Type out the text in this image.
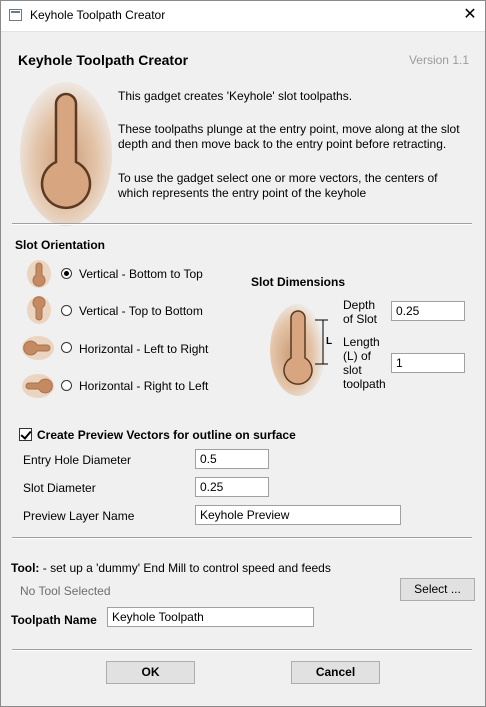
Keyhole Toolpath Creator	✕
Keyhole Toolpath Creator	Version 1.1
This gadget creates 'Keyhole' slot toolpaths.
These toolpaths plunge at the entry point, move along at the slot depth and then move back to the entry point before retracting.
To use the gadget select one or more vectors, the centers of which represents the entry point of the keyhole
Slot Orientation
Vertical - Bottom to Top
Vertical - Top to Bottom
Horizontal - Left to Right
Horizontal - Right to Left
Slot Dimensions
L
Depth
of Slot
0.25
Length
(L) of
slot
toolpath
1
Create Preview Vectors for outline on surface
Entry Hole Diameter	0.5
Slot Diameter	0.25
Preview Layer Name	Keyhole Preview
Tool: - set up a 'dummy' End Mill to control speed and feeds
No Tool Selected	Select ...
Toolpath Name	Keyhole Toolpath
OK	Cancel
